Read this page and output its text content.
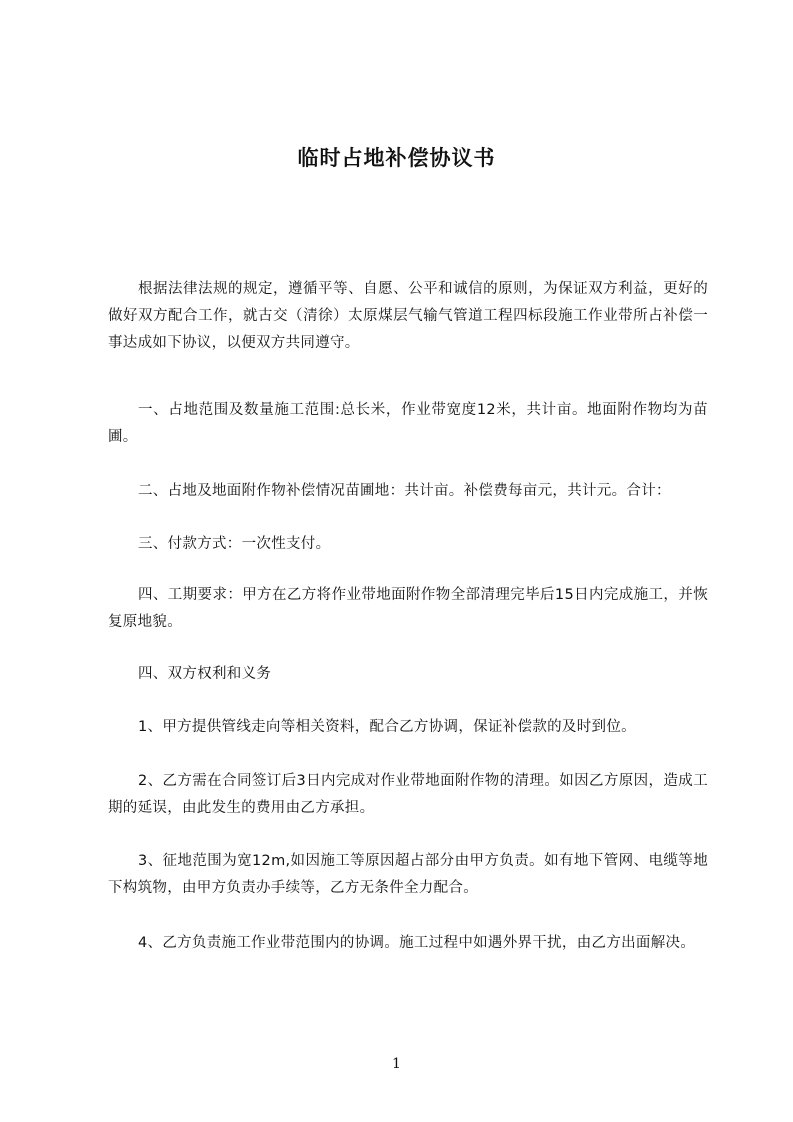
临时占地补偿协议书

根据法律法规的规定，遵循平等、自愿、公平和诚信的原则，为保证双方利益，更好的做好双方配合工作，就古交（清徐）太原煤层气输气管道工程四标段施工作业带所占补偿一事达成如下协议，以便双方共同遵守。

一、占地范围及数量施工范围:总长米，作业带宽度12米，共计亩。地面附作物均为苗圃。

二、占地及地面附作物补偿情况苗圃地：共计亩。补偿费每亩元，共计元。合计：

三、付款方式：一次性支付。

四、工期要求：甲方在乙方将作业带地面附作物全部清理完毕后15日内完成施工，并恢复原地貌。

四、双方权利和义务

1、甲方提供管线走向等相关资料，配合乙方协调，保证补偿款的及时到位。

2、乙方需在合同签订后3日内完成对作业带地面附作物的清理。如因乙方原因，造成工期的延误，由此发生的费用由乙方承担。

3、征地范围为宽12m,如因施工等原因超占部分由甲方负责。如有地下管网、电缆等地下构筑物，由甲方负责办手续等，乙方无条件全力配合。

4、乙方负责施工作业带范围内的协调。施工过程中如遇外界干扰，由乙方出面解决。

1
